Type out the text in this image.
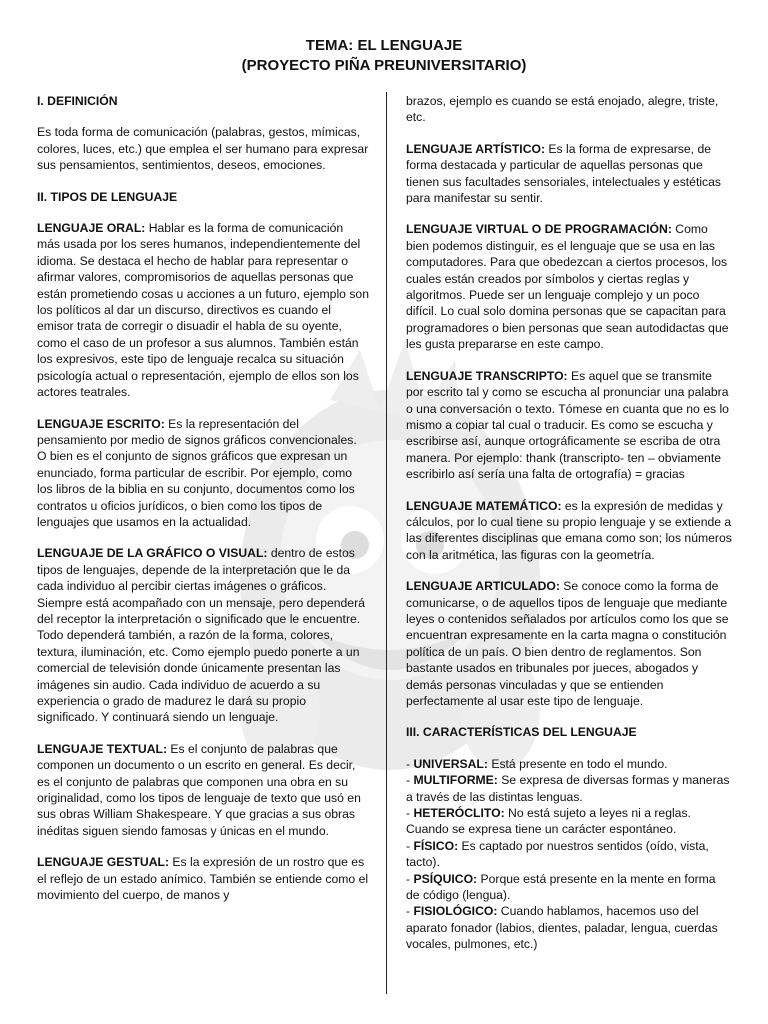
TEMA: EL LENGUAJE
(PROYECTO PIÑA PREUNIVERSITARIO)

I. DEFINICIÓN

Es toda forma de comunicación (palabras, gestos, mímicas, colores, luces, etc.) que emplea el ser humano para expresar sus pensamientos, sentimientos, deseos, emociones.

II. TIPOS DE LENGUAJE

LENGUAJE ORAL: Hablar es la forma de comunicación más usada por los seres humanos, independientemente del idioma. Se destaca el hecho de hablar para representar o afirmar valores, compromisorios de aquellas personas que están prometiendo cosas u acciones a un futuro, ejemplo son los políticos al dar un discurso, directivos es cuando el emisor trata de corregir o disuadir el habla de su oyente, como el caso de un profesor a sus alumnos. También están los expresivos, este tipo de lenguaje recalca su situación psicología actual o representación, ejemplo de ellos son los actores teatrales.

LENGUAJE ESCRITO: Es la representación del pensamiento por medio de signos gráficos convencionales. O bien es el conjunto de signos gráficos que expresan un enunciado, forma particular de escribir. Por ejemplo, como los libros de la biblia en su conjunto, documentos como los contratos u oficios jurídicos, o bien como los tipos de lenguajes que usamos en la actualidad.

LENGUAJE DE LA GRÁFICO O VISUAL: dentro de estos tipos de lenguajes, depende de la interpretación que le da cada individuo al percibir ciertas imágenes o gráficos. Siempre está acompañado con un mensaje, pero dependerá del receptor la interpretación o significado que le encuentre. Todo dependerá también, a razón de la forma, colores, textura, iluminación, etc. Como ejemplo puedo ponerte a un comercial de televisión donde únicamente presentan las imágenes sin audio. Cada individuo de acuerdo a su experiencia o grado de madurez le dará su propio significado. Y continuará siendo un lenguaje.

LENGUAJE TEXTUAL: Es el conjunto de palabras que componen un documento o un escrito en general. Es decir, es el conjunto de palabras que componen una obra en su originalidad, como los tipos de lenguaje de texto que usó en sus obras William Shakespeare. Y que gracias a sus obras inéditas siguen siendo famosas y únicas en el mundo.

LENGUAJE GESTUAL: Es la expresión de un rostro que es el reflejo de un estado anímico. También se entiende como el movimiento del cuerpo, de manos y

brazos, ejemplo es cuando se está enojado, alegre, triste, etc.

LENGUAJE ARTÍSTICO: Es la forma de expresarse, de forma destacada y particular de aquellas personas que tienen sus facultades sensoriales, intelectuales y estéticas para manifestar su sentir.

LENGUAJE VIRTUAL O DE PROGRAMACIÓN: Como bien podemos distinguir, es el lenguaje que se usa en las computadores. Para que obedezcan a ciertos procesos, los cuales están creados por símbolos y ciertas reglas y algoritmos. Puede ser un lenguaje complejo y un poco difícil. Lo cual solo domina personas que se capacitan para programadores o bien personas que sean autodidactas que les gusta prepararse en este campo.

LENGUAJE TRANSCRIPTO: Es aquel que se transmite por escrito tal y como se escucha al pronunciar una palabra o una conversación o texto. Tómese en cuanta que no es lo mismo a copiar tal cual o traducir. Es como se escucha y escribirse así, aunque ortográficamente se escriba de otra manera. Por ejemplo: thank (transcripto- ten – obviamente escribirlo así sería una falta de ortografía) = gracias

LENGUAJE MATEMÁTICO: es la expresión de medidas y cálculos, por lo cual tiene su propio lenguaje y se extiende a las diferentes disciplinas que emana como son; los números con la aritmética, las figuras con la geometría.

LENGUAJE ARTICULADO: Se conoce como la forma de comunicarse, o de aquellos tipos de lenguaje que mediante leyes o contenidos señalados por artículos como los que se encuentran expresamente en la carta magna o constitución política de un país. O bien dentro de reglamentos. Son bastante usados en tribunales por jueces, abogados y demás personas vinculadas y que se entienden perfectamente al usar este tipo de lenguaje.

III. CARACTERÍSTICAS DEL LENGUAJE

- UNIVERSAL: Está presente en todo el mundo.
- MULTIFORME: Se expresa de diversas formas y maneras a través de las distintas lenguas.
- HETERÓCLITO: No está sujeto a leyes ni a reglas. Cuando se expresa tiene un carácter espontáneo.
- FÍSICO: Es captado por nuestros sentidos (oído, vista, tacto).
- PSÍQUICO: Porque está presente en la mente en forma de código (lengua).
- FISIOLÓGICO: Cuando hablamos, hacemos uso del aparato fonador (labios, dientes, paladar, lengua, cuerdas vocales, pulmones, etc.)
